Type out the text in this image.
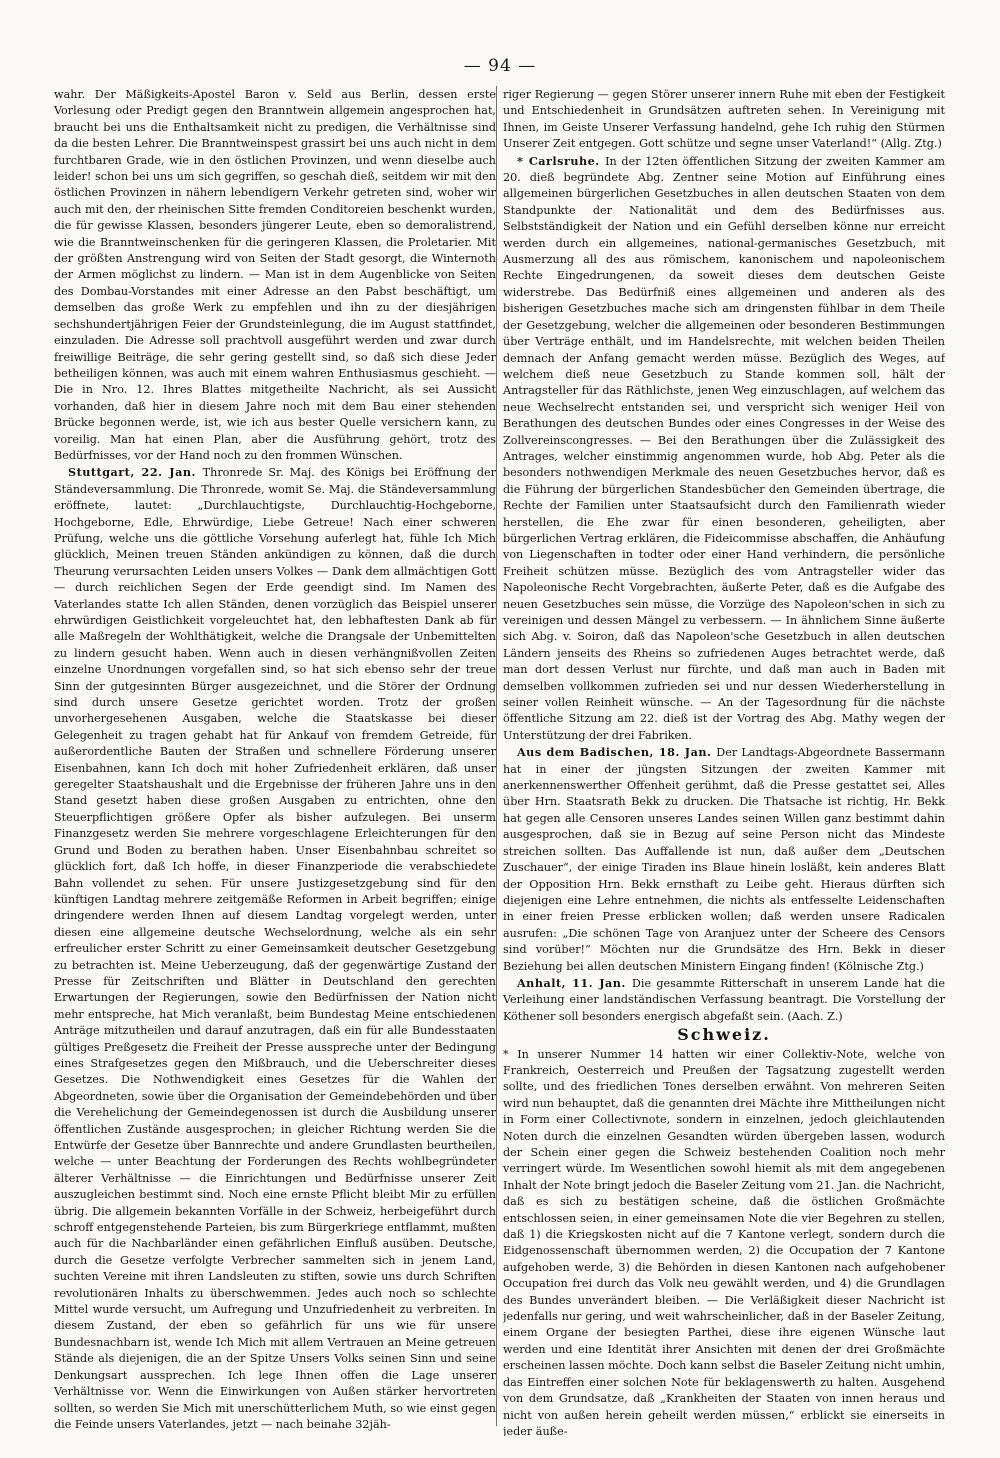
— 94 —

wahr. Der Mäßigkeits-Apostel Baron v. Seld aus Berlin, dessen erste Vorlesung oder Predigt gegen den Branntwein allgemein angesprochen hat, braucht bei uns die Enthaltsamkeit nicht zu predigen, die Verhältnisse sind da die besten Lehrer. Die Branntweinspest grassirt bei uns auch nicht in dem furchtbaren Grade, wie in den östlichen Provinzen, und wenn dieselbe auch leider! schon bei uns um sich gegriffen, so geschah dieß, seitdem wir mit den östlichen Provinzen in nähern lebendigern Verkehr getreten sind, woher wir auch mit den, der rheinischen Sitte fremden Conditoreien beschenkt wurden, die für gewisse Klassen, besonders jüngerer Leute, eben so demoralistrend, wie die Branntweinschenken für die geringeren Klassen, die Proletarier. Mit der größten Anstrengung wird von Seiten der Stadt gesorgt, die Winternoth der Armen möglichst zu lindern. — Man ist in dem Augenblicke von Seiten des Dombau-Vorstandes mit einer Adresse an den Pabst beschäftigt, um demselben das große Werk zu empfehlen und ihn zu der diesjährigen sechshundertjährigen Feier der Grundsteinlegung, die im August stattfindet, einzuladen. Die Adresse soll prachtvoll ausgeführt werden und zwar durch freiwillige Beiträge, die sehr gering gestellt sind, so daß sich diese Jeder betheiligen können, was auch mit einem wahren Enthusiasmus geschieht. — Die in Nro. 12. Ihres Blattes mitgetheilte Nachricht, als sei Aussicht vorhanden, daß hier in diesem Jahre noch mit dem Bau einer stehenden Brücke begonnen werde, ist, wie ich aus bester Quelle versichern kann, zu voreilig. Man hat einen Plan, aber die Ausführung gehört, trotz des Bedürfnisses, vor der Hand noch zu den frommen Wünschen.

Stuttgart, 22. Jan. Thronrede Sr. Maj. des Königs bei Eröffnung der Ständeversammlung. Die Thronrede, womit Se. Maj. die Ständeversammlung eröffnete, lautet: „Durchlauchtigste, Durchlauchtig-Hochgeborne, Hochgeborne, Edle, Ehrwürdige, Liebe Getreue! Nach einer schweren Prüfung, welche uns die göttliche Vorsehung auferlegt hat, fühle Ich Mich glücklich, Meinen treuen Ständen ankündigen zu können, daß die durch Theurung verursachten Leiden unsers Volkes — Dank dem allmächtigen Gott — durch reichlichen Segen der Erde geendigt sind. Im Namen des Vaterlandes statte Ich allen Ständen, denen vorzüglich das Beispiel unserer ehrwürdigen Geistlichkeit vorgeleuchtet hat, den lebhaftesten Dank ab für alle Maßregeln der Wohlthätigkeit, welche die Drangsale der Unbemittelten zu lindern gesucht haben. Wenn auch in diesen verhängnißvollen Zeiten einzelne Unordnungen vorgefallen sind, so hat sich ebenso sehr der treue Sinn der gutgesinnten Bürger ausgezeichnet, und die Störer der Ordnung sind durch unsere Gesetze gerichtet worden. Trotz der großen unvorhergesehenen Ausgaben, welche die Staatskasse bei dieser Gelegenheit zu tragen gehabt hat für Ankauf von fremdem Getreide, für außerordentliche Bauten der Straßen und schnellere Förderung unserer Eisenbahnen, kann Ich doch mit hoher Zufriedenheit erklären, daß unser geregelter Staatshaushalt und die Ergebnisse der früheren Jahre uns in den Stand gesetzt haben diese großen Ausgaben zu entrichten, ohne den Steuerpflichtigen größere Opfer als bisher aufzulegen. Bei unserm Finanzgesetz werden Sie mehrere vorgeschlagene Erleichterungen für den Grund und Boden zu berathen haben. Unser Eisenbahnbau schreitet so glücklich fort, daß Ich hoffe, in dieser Finanzperiode die verabschiedete Bahn vollendet zu sehen. Für unsere Justizgesetzgebung sind für den künftigen Landtag mehrere zeitgemäße Reformen in Arbeit begriffen; einige dringendere werden Ihnen auf diesem Landtag vorgelegt werden, unter diesen eine allgemeine deutsche Wechselordnung, welche als ein sehr erfreulicher erster Schritt zu einer Gemeinsamkeit deutscher Gesetzgebung zu betrachten ist. Meine Ueberzeugung, daß der gegenwärtige Zustand der Presse für Zeitschriften und Blätter in Deutschland den gerechten Erwartungen der Regierungen, sowie den Bedürfnissen der Nation nicht mehr entspreche, hat Mich veranlaßt, beim Bundestag Meine entschiedenen Anträge mitzutheilen und darauf anzutragen, daß ein für alle Bundesstaaten gültiges Preßgesetz die Freiheit der Presse ausspreche unter der Bedingung eines Strafgesetzes gegen den Mißbrauch, und die Ueberschreiter dieses Gesetzes. Die Nothwendigkeit eines Gesetzes für die Wahlen der Abgeordneten, sowie über die Organisation der Gemeindebehörden und über die Verehelichung der Gemeindegenossen ist durch die Ausbildung unserer öffentlichen Zustände ausgesprochen; in gleicher Richtung werden Sie die Entwürfe der Gesetze über Bannrechte und andere Grundlasten beurtheilen, welche — unter Beachtung der Forderungen des Rechts wohlbegründeter älterer Verhältnisse — die Einrichtungen und Bedürfnisse unserer Zeit auszugleichen bestimmt sind. Noch eine ernste Pflicht bleibt Mir zu erfüllen übrig. Die allgemein bekannten Vorfälle in der Schweiz, herbeigeführt durch schroff entgegenstehende Parteien, bis zum Bürgerkriege entflammt, mußten auch für die Nachbarländer einen gefährlichen Einfluß ausüben. Deutsche, durch die Gesetze verfolgte Verbrecher sammelten sich in jenem Land, suchten Vereine mit ihren Landsleuten zu stiften, sowie uns durch Schriften revolutionären Inhalts zu überschwemmen. Jedes auch noch so schlechte Mittel wurde versucht, um Aufregung und Unzufriedenheit zu verbreiten. In diesem Zustand, der eben so gefährlich für uns wie für unsere Bundesnachbarn ist, wende Ich Mich mit allem Vertrauen an Meine getreuen Stände als diejenigen, die an der Spitze Unsers Volks seinen Sinn und seine Denkungsart aussprechen. Ich lege Ihnen offen die Lage unserer Verhältnisse vor. Wenn die Einwirkungen von Außen stärker hervortreten sollten, so werden Sie Mich mit unerschütterlichem Muth, so wie einst gegen die Feinde unsers Vaterlandes, jetzt — nach beinahe 32jäh-

riger Regierung — gegen Störer unserer innern Ruhe mit eben der Festigkeit und Entschiedenheit in Grundsätzen auftreten sehen. In Vereinigung mit Ihnen, im Geiste Unserer Verfassung handelnd, gehe Ich ruhig den Stürmen Unserer Zeit entgegen. Gott schütze und segne unser Vaterland!“ (Allg. Ztg.)

* Carlsruhe. In der 12ten öffentlichen Sitzung der zweiten Kammer am 20. dieß begründete Abg. Zentner seine Motion auf Einführung eines allgemeinen bürgerlichen Gesetzbuches in allen deutschen Staaten von dem Standpunkte der Nationalität und dem des Bedürfnisses aus. Selbstständigkeit der Nation und ein Gefühl derselben könne nur erreicht werden durch ein allgemeines, national-germanisches Gesetzbuch, mit Ausmerzung all des aus römischem, kanonischem und napoleonischem Rechte Eingedrungenen, da soweit dieses dem deutschen Geiste widerstrebe. Das Bedürfniß eines allgemeinen und anderen als des bisherigen Gesetzbuches mache sich am dringensten fühlbar in dem Theile der Gesetzgebung, welcher die allgemeinen oder besonderen Bestimmungen über Verträge enthält, und im Handelsrechte, mit welchen beiden Theilen demnach der Anfang gemacht werden müsse. Bezüglich des Weges, auf welchem dieß neue Gesetzbuch zu Stande kommen soll, hält der Antragsteller für das Räthlichste, jenen Weg einzuschlagen, auf welchem das neue Wechselrecht entstanden sei, und verspricht sich weniger Heil von Berathungen des deutschen Bundes oder eines Congresses in der Weise des Zollvereinscongresses. — Bei den Berathungen über die Zulässigkeit des Antrages, welcher einstimmig angenommen wurde, hob Abg. Peter als die besonders nothwendigen Merkmale des neuen Gesetzbuches hervor, daß es die Führung der bürgerlichen Standesbücher den Gemeinden übertrage, die Rechte der Familien unter Staatsaufsicht durch den Familienrath wieder herstellen, die Ehe zwar für einen besonderen, geheiligten, aber bürgerlichen Vertrag erklären, die Fideicommisse abschaffen, die Anhäufung von Liegenschaften in todter oder einer Hand verhindern, die persönliche Freiheit schützen müsse. Bezüglich des vom Antragsteller wider das Napoleonische Recht Vorgebrachten, äußerte Peter, daß es die Aufgabe des neuen Gesetzbuches sein müsse, die Vorzüge des Napoleon'schen in sich zu vereinigen und dessen Mängel zu verbessern. — In ähnlichem Sinne äußerte sich Abg. v. Soiron, daß das Napoleon'sche Gesetzbuch in allen deutschen Ländern jenseits des Rheins so zufriedenen Auges betrachtet werde, daß man dort dessen Verlust nur fürchte, und daß man auch in Baden mit demselben vollkommen zufrieden sei und nur dessen Wiederherstellung in seiner vollen Reinheit wünsche. — An der Tagesordnung für die nächste öffentliche Sitzung am 22. dieß ist der Vortrag des Abg. Mathy wegen der Unterstützung der drei Fabriken.

Aus dem Badischen, 18. Jan. Der Landtags-Abgeordnete Bassermann hat in einer der jüngsten Sitzungen der zweiten Kammer mit anerkennenswerther Offenheit gerühmt, daß die Presse gestattet sei, Alles über Hrn. Staatsrath Bekk zu drucken. Die Thatsache ist richtig, Hr. Bekk hat gegen alle Censoren unseres Landes seinen Willen ganz bestimmt dahin ausgesprochen, daß sie in Bezug auf seine Person nicht das Mindeste streichen sollten. Das Auffallende ist nun, daß außer dem „Deutschen Zuschauer“, der einige Tiraden ins Blaue hinein losläßt, kein anderes Blatt der Opposition Hrn. Bekk ernsthaft zu Leibe geht. Hieraus dürften sich diejenigen eine Lehre entnehmen, die nichts als entfesselte Leidenschaften in einer freien Presse erblicken wollen; daß werden unsere Radicalen ausrufen: „Die schönen Tage von Aranjuez unter der Scheere des Censors sind vorüber!“ Möchten nur die Grundsätze des Hrn. Bekk in dieser Beziehung bei allen deutschen Ministern Eingang finden! (Kölnische Ztg.)

Anhalt, 11. Jan. Die gesammte Ritterschaft in unserem Lande hat die Verleihung einer landständischen Verfassung beantragt. Die Vorstellung der Köthener soll besonders energisch abgefaßt sein. (Aach. Z.)

Schweiz.

* In unserer Nummer 14 hatten wir einer Collektiv-Note, welche von Frankreich, Oesterreich und Preußen der Tagsatzung zugestellt werden sollte, und des friedlichen Tones derselben erwähnt. Von mehreren Seiten wird nun behauptet, daß die genannten drei Mächte ihre Mittheilungen nicht in Form einer Collectivnote, sondern in einzelnen, jedoch gleichlautenden Noten durch die einzelnen Gesandten würden übergeben lassen, wodurch der Schein einer gegen die Schweiz bestehenden Coalition noch mehr verringert würde. Im Wesentlichen sowohl hiemit als mit dem angegebenen Inhalt der Note bringt jedoch die Baseler Zeitung vom 21. Jan. die Nachricht, daß es sich zu bestätigen scheine, daß die östlichen Großmächte entschlossen seien, in einer gemeinsamen Note die vier Begehren zu stellen, daß 1) die Kriegskosten nicht auf die 7 Kantone verlegt, sondern durch die Eidgenossenschaft übernommen werden, 2) die Occupation der 7 Kantone aufgehoben werde, 3) die Behörden in diesen Kantonen nach aufgehobener Occupation frei durch das Volk neu gewählt werden, und 4) die Grundlagen des Bundes unverändert bleiben. — Die Verläßigkeit dieser Nachricht ist jedenfalls nur gering, und weit wahrscheinlicher, daß in der Baseler Zeitung, einem Organe der besiegten Parthei, diese ihre eigenen Wünsche laut werden und eine Identität ihrer Ansichten mit denen der drei Großmächte erscheinen lassen möchte. Doch kann selbst die Baseler Zeitung nicht umhin, das Eintreffen einer solchen Note für beklagenswerth zu halten. Ausgehend von dem Grundsatze, daß „Krankheiten der Staaten von innen heraus und nicht von außen herein geheilt werden müssen,“ erblickt sie einerseits in jeder äuße-
